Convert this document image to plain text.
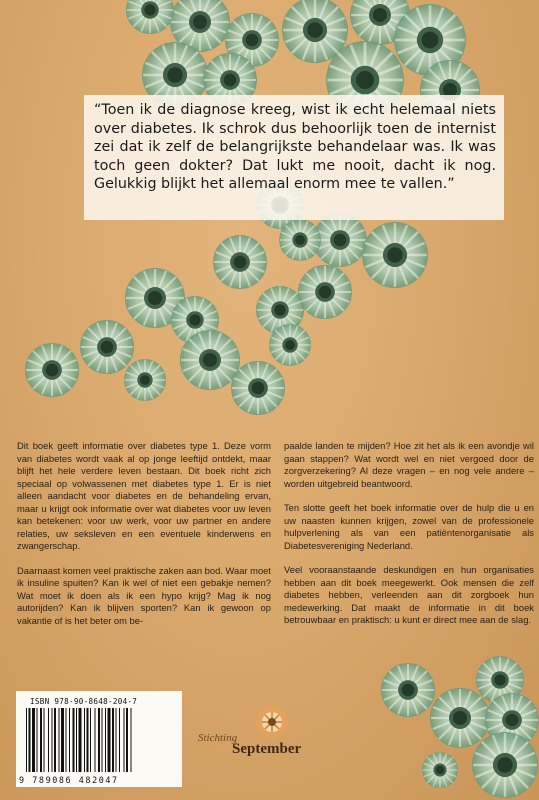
“Toen ik de diagnose kreeg, wist ik echt helemaal niets over diabetes. Ik schrok dus behoorlijk toen de internist zei dat ik zelf de belangrijkste behandelaar was. Ik was toch geen dokter? Dat lukt me nooit, dacht ik nog. Gelukkig blijkt het allemaal enorm mee te vallen.”

Dit boek geeft informatie over diabetes type 1. Deze vorm van diabetes wordt vaak al op jonge leeftijd ontdekt, maar blijft het hele verdere leven bestaan. Dit boek richt zich speciaal op volwassenen met diabetes type 1. Er is niet alleen aandacht voor diabetes en de behandeling ervan, maar u krijgt ook informatie over wat diabetes voor uw leven kan betekenen: voor uw werk, voor uw partner en andere relaties, uw seksleven en een eventuele kinderwens en zwangerschap.

Daarnaast komen veel praktische zaken aan bod. Waar moet ik insuline spuiten? Kan ik wel of niet een gebakje nemen? Wat moet ik doen als ik een hypo krijg? Mag ik nog autorijden? Kan ik blijven sporten? Kan ik gewoon op vakantie of is het beter om be-

paalde landen te mijden? Hoe zit het als ik een avondje wil gaan stappen? Wat wordt wel en niet vergoed door de zorgverzekering? Al deze vragen – en nog vele andere – worden uitgebreid beantwoord.

Ten slotte geeft het boek informatie over de hulp die u en uw naasten kunnen krijgen, zowel van de professionele hulpverlening als van een patiëntenorganisatie als Diabetesvereniging Nederland.

Veel vooraanstaande deskundigen en hun organisaties hebben aan dit boek meegewerkt. Ook mensen die zelf diabetes hebben, verleenden aan dit zorgboek hun medewerking. Dat maakt de informatie in dit boek betrouwbaar en praktisch: u kunt er direct mee aan de slag.

ISBN 978-90-8648-204-7
9 789086 482047
Stichting
September
